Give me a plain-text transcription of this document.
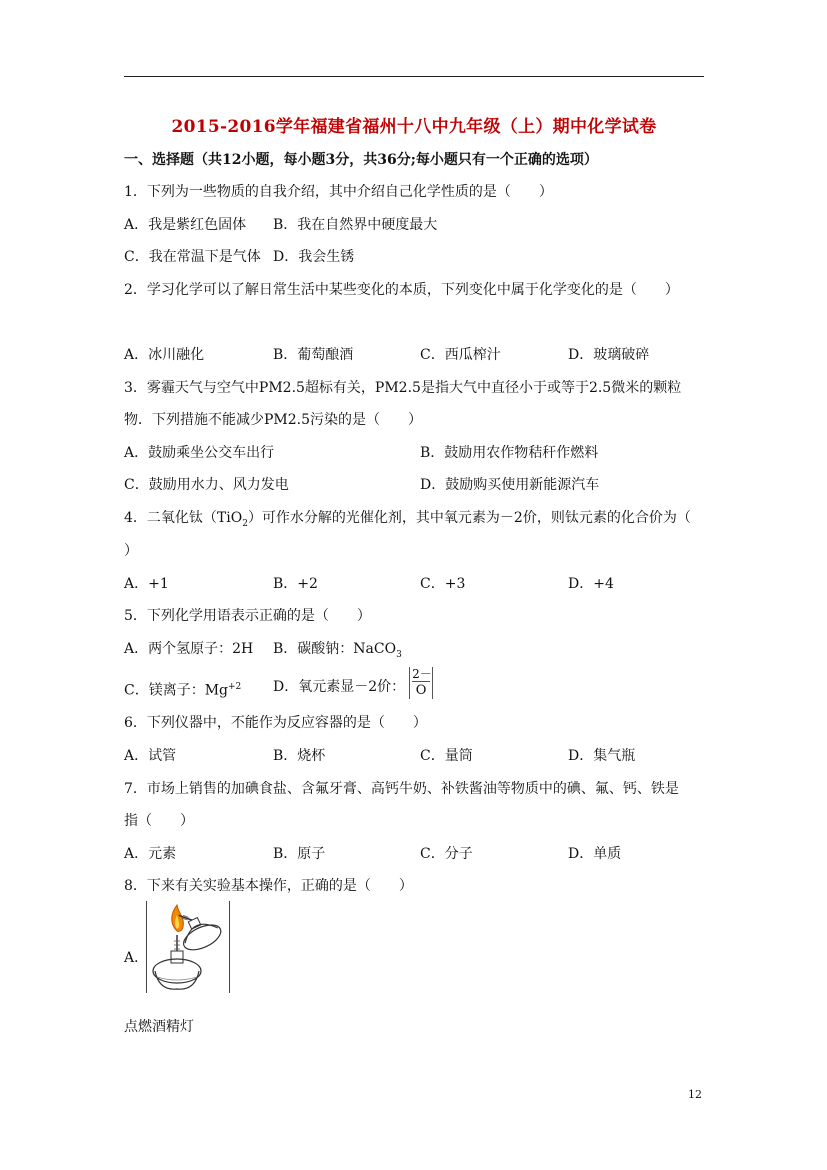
2015-2016学年福建省福州十八中九年级（上）期中化学试卷
一、选择题（共12小题，每小题3分，共36分;每小题只有一个正确的选项）
1．下列为一些物质的自我介绍，其中介绍自己化学性质的是（　　）
A．我是紫红色固体 B．我在自然界中硬度最大
C．我在常温下是气体 D．我会生锈
2．学习化学可以了解日常生活中某些变化的本质，下列变化中属于化学变化的是（　　）
A．冰川融化	B．葡萄酿酒	C．西瓜榨汁	D．玻璃破碎
3．雾霾天气与空气中PM2.5超标有关，PM2.5是指大气中直径小于或等于2.5微米的颗粒
物．下列措施不能减少PM2.5污染的是（　　）
A．鼓励乘坐公交车出行	B．鼓励用农作物秸秆作燃料
C．鼓励用水力、风力发电	D．鼓励购买使用新能源汽车
4．二氧化钛（TiO$_2$）可作水分解的光催化剂，其中氧元素为－2价，则钛元素的化合价为（
）
A．+1	B．+2	C．+3	D．+4
5．下列化学用语表示正确的是（　　）
A．两个氢原子：2H B．碳酸钠：NaCO$_3$
C．镁离子：$Mg^{+2}$ D．氧元素显－2价： $\frac{2-}{O}$
6．下列仪器中，不能作为反应容器的是（　　）
A．试管	B．烧杯	C．量筒	D．集气瓶
7．市场上销售的加碘食盐、含氟牙膏、高钙牛奶、补铁酱油等物质中的碘、氟、钙、铁是
指（　　）
A．元素	B．原子	C．分子	D．单质
8．下来有关实验基本操作，正确的是（　　）
A．
点燃酒精灯
12
